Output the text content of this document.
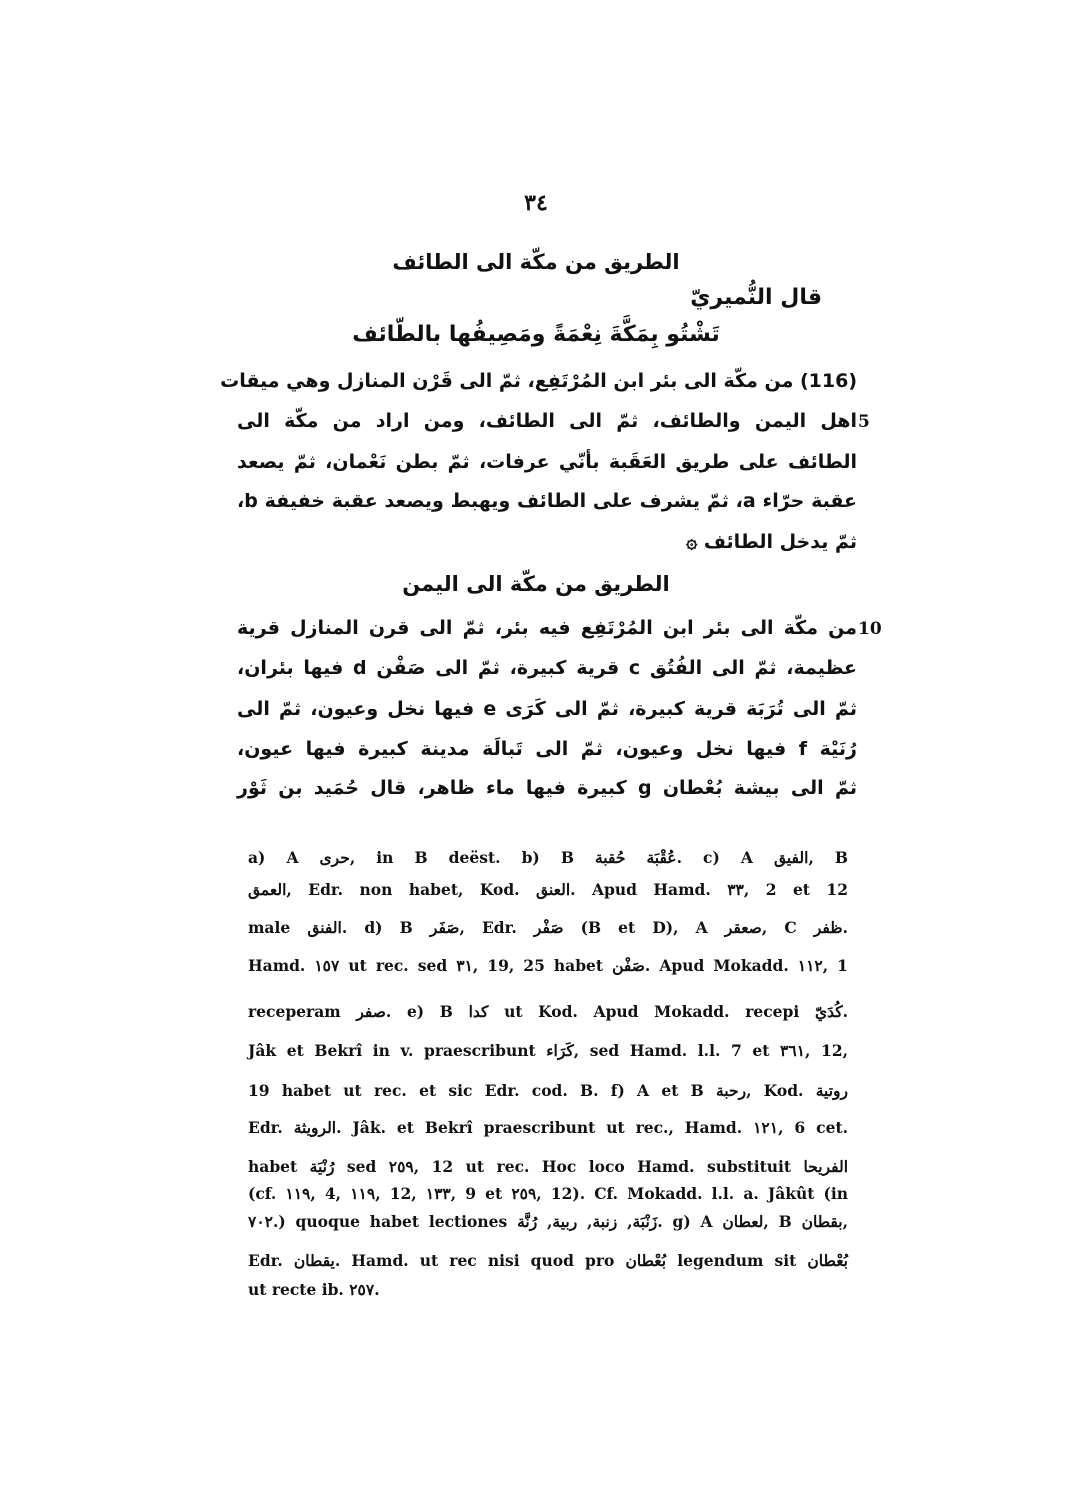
٣٤
الطريق من مكّة الى الطائف
قال النُّميريّ
تَشْتُو بِمَكَّةَ نِعْمَةً ومَصِيفُها بالطّائف
5
10
(116) من مكّة الى بئر ابن المُرْتَفِع، ثمّ الى قَرْن المنازل وهي ميقات
اهل اليمن والطائف، ثمّ الى الطائف، ومن اراد من مكّة الى
الطائف على طريق العَقَبة بأنّي عرفات، ثمّ بطن نَعْمان، ثمّ يصعد
عقبة حرّاء a، ثمّ يشرف على الطائف ويهبط ويصعد عقبة خفيفة b،
ثمّ يدخل الطائف ۞
الطريق من مكّة الى اليمن
من مكّة الى بئر ابن المُرْتَفِع فيه بئر، ثمّ الى قرن المنازل قرية
عظيمة، ثمّ الى الفُتُق c قرية كبيرة، ثمّ الى صَفْن d فيها بئران،
ثمّ الى تُرَبَة قرية كبيرة، ثمّ الى كَرَى e فيها نخل وعيون، ثمّ الى
رُنَيْة f فيها نخل وعيون، ثمّ الى تَبالَة مدينة كبيرة فيها عيون،
ثمّ الى بيشة بُعْطان g كبيرة فيها ماء ظاهر، قال حُمَيد بن ثَوْر
a) A حرى, in B deëst. b) B عُقْبَة حُقبة. c) A الفيق, B
العمق, Edr. non habet, Kod. العنق. Apud Hamd. ٣٣, 2 et 12
male الفنق. d) B صَفَر, Edr. صَفْر (B et D), A صعقر, C ظفر.
Hamd. ١٥٧ ut rec. sed ٣١, 19, 25 habet صَفْن. Apud Mokadd. ١١٢, 1
receperam صفر. e) B كدا ut Kod. Apud Mokadd. recepi كُدَيّ.
Jâk et Bekrî in v. praescribunt كَرَاء, sed Hamd. l.l. 7 et ٣٦١, 12,
19 habet ut rec. et sic Edr. cod. B. f) A et B رحبة, Kod. روتية
Edr. الرويثة. Jâk. et Bekrî praescribunt ut rec., Hamd. ١٢١, 6 cet.
habet رُنْيَة sed ٢٥٩, 12 ut rec. Hoc loco Hamd. substituit الفريحا
(cf. ١١٩, 4, ١١٩, 12, ١٣٣, 9 et ٢٥٩, 12). Cf. Mokadd. l.l. a. Jâkût (in
٧٠٢.) quoque habet lectiones زَنْبَة, زنبة, ربية, رُنَّة. g) A لعطان, B بقطان,
Edr. يقطان. Hamd. ut rec nisi quod pro بُعْطان legendum sit بُعْطان
ut recte ib. ٢٥٧.
